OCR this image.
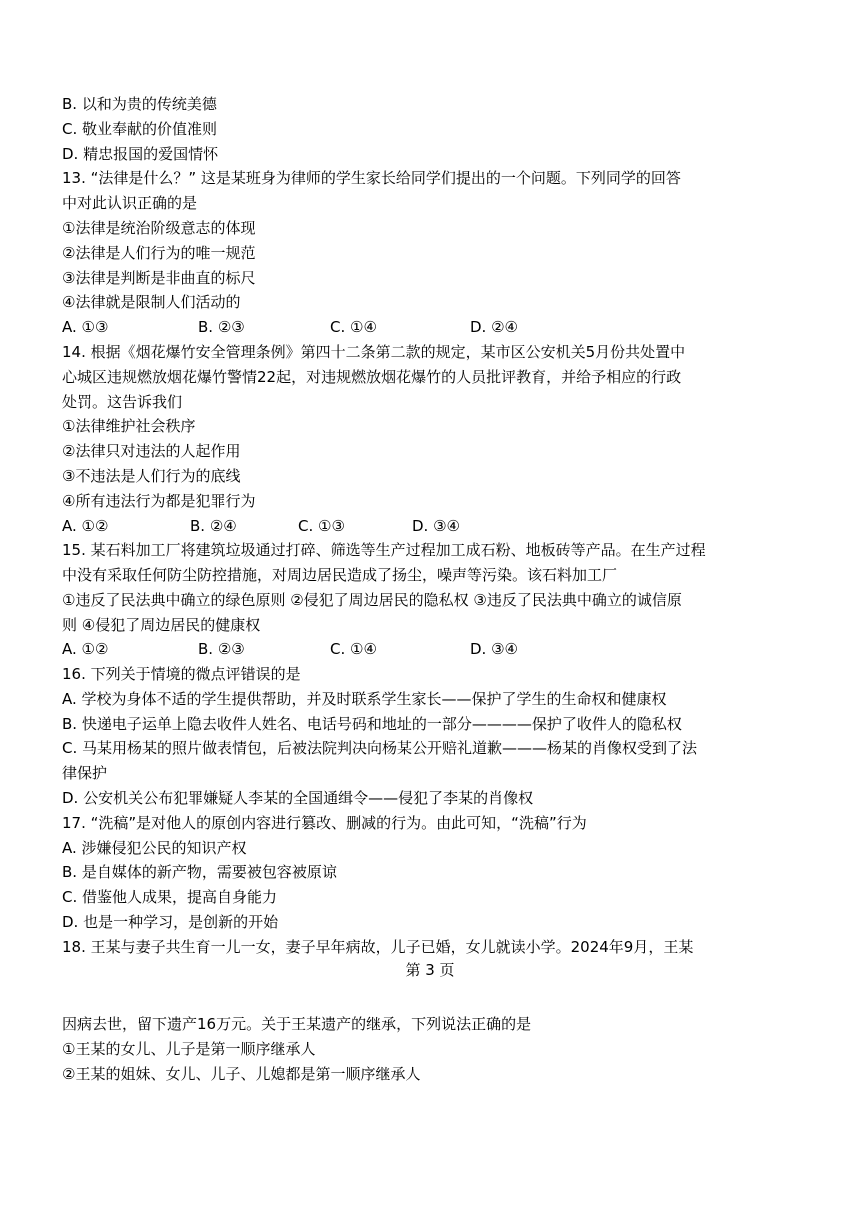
B. 以和为贵的传统美德
C. 敬业奉献的价值准则
D. 精忠报国的爱国情怀
13. “法律是什么？” 这是某班身为律师的学生家长给同学们提出的一个问题。下列同学的回答
中对此认识正确的是
①法律是统治阶级意志的体现
②法律是人们行为的唯一规范
③法律是判断是非曲直的标尺
④法律就是限制人们活动的
A. ①③	B. ②③	C. ①④	D. ②④
14. 根据《烟花爆竹安全管理条例》第四十二条第二款的规定，某市区公安机关5月份共处置中
心城区违规燃放烟花爆竹警情22起，对违规燃放烟花爆竹的人员批评教育，并给予相应的行政
处罚。这告诉我们
①法律维护社会秩序
②法律只对违法的人起作用
③不违法是人们行为的底线
④所有违法行为都是犯罪行为
A. ①②	B. ②④	C. ①③	D. ③④
15. 某石料加工厂将建筑垃圾通过打碎、筛选等生产过程加工成石粉、地板砖等产品。在生产过程
中没有采取任何防尘防控措施，对周边居民造成了扬尘，噪声等污染。该石料加工厂
①违反了民法典中确立的绿色原则 ②侵犯了周边居民的隐私权 ③违反了民法典中确立的诚信原
则 ④侵犯了周边居民的健康权
A. ①②	B. ②③	C. ①④	D. ③④
16. 下列关于情境的微点评错误的是
A. 学校为身体不适的学生提供帮助，并及时联系学生家长——保护了学生的生命权和健康权
B. 快递电子运单上隐去收件人姓名、电话号码和地址的一部分————保护了收件人的隐私权
C. 马某用杨某的照片做表情包，后被法院判决向杨某公开赔礼道歉———杨某的肖像权受到了法
律保护
D. 公安机关公布犯罪嫌疑人李某的全国通缉令——侵犯了李某的肖像权
17. “洗稿”是对他人的原创内容进行篡改、删减的行为。由此可知，“洗稿”行为
A. 涉嫌侵犯公民的知识产权
B. 是自媒体的新产物，需要被包容被原谅
C. 借鉴他人成果，提高自身能力
D. 也是一种学习，是创新的开始
18. 王某与妻子共生育一儿一女，妻子早年病故，儿子已婚，女儿就读小学。2024年9月，王某
第 3 页
因病去世，留下遗产16万元。关于王某遗产的继承，下列说法正确的是
①王某的女儿、儿子是第一顺序继承人
②王某的姐妹、女儿、儿子、儿媳都是第一顺序继承人
